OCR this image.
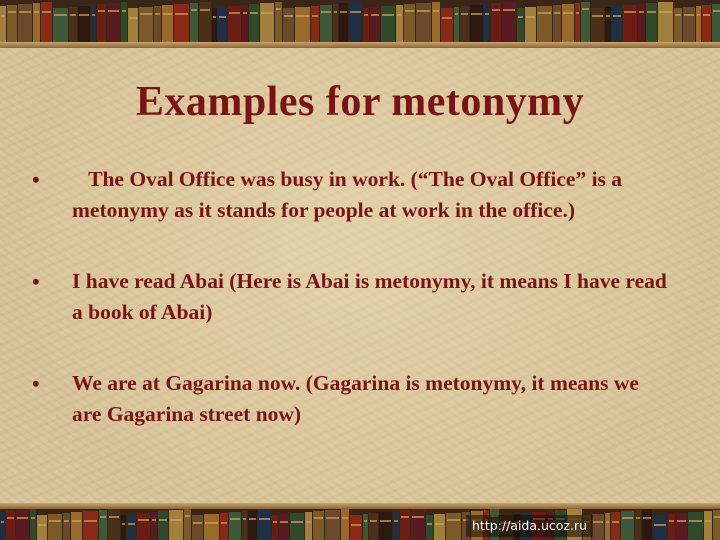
Examples for metonymy
• The Oval Office was busy in work. (“The Oval Office” is a metonymy as it stands for people at work in the office.)
• I have read Abai (Here is Abai is metonymy, it means I have read a book of Abai)
• We are at Gagarina now. (Gagarina is metonymy, it means we are Gagarina street now)
http://aida.ucoz.ru
